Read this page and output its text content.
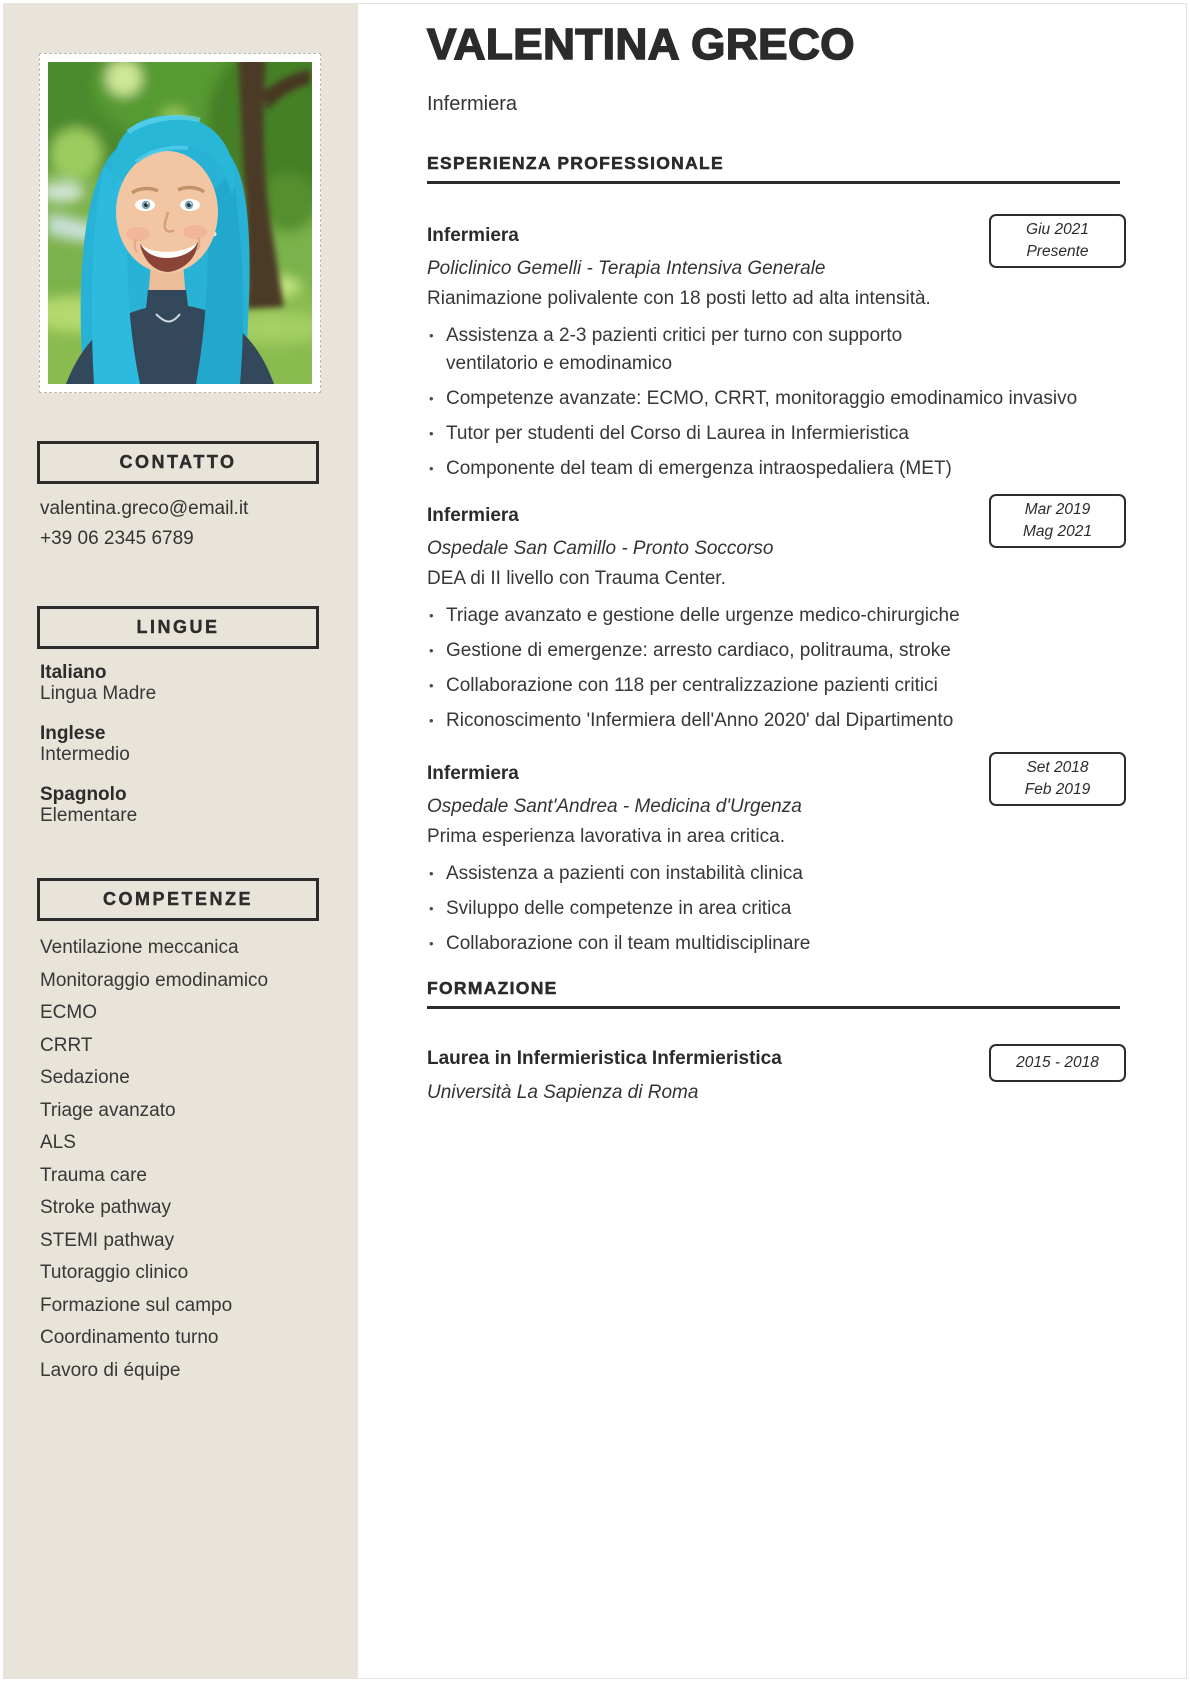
CONTATTO
valentina.greco@email.it
+39 06 2345 6789
LINGUE
Italiano
Lingua Madre
Inglese
Intermedio
Spagnolo
Elementare
COMPETENZE
Ventilazione meccanica
Monitoraggio emodinamico
ECMO
CRRT
Sedazione
Triage avanzato
ALS
Trauma care
Stroke pathway
STEMI pathway
Tutoraggio clinico
Formazione sul campo
Coordinamento turno
Lavoro di équipe
VALENTINA GRECO
Infermiera
ESPERIENZA PROFESSIONALE
Giu 2021
Presente
Infermiera
Policlinico Gemelli - Terapia Intensiva Generale
Rianimazione polivalente con 18 posti letto ad alta intensità.
• Assistenza a 2-3 pazienti critici per turno con supporto
ventilatorio e emodinamico
• Competenze avanzate: ECMO, CRRT, monitoraggio emodinamico invasivo
• Tutor per studenti del Corso di Laurea in Infermieristica
• Componente del team di emergenza intraospedaliera (MET)
Mar 2019
Mag 2021
Infermiera
Ospedale San Camillo - Pronto Soccorso
DEA di II livello con Trauma Center.
• Triage avanzato e gestione delle urgenze medico-chirurgiche
• Gestione di emergenze: arresto cardiaco, politrauma, stroke
• Collaborazione con 118 per centralizzazione pazienti critici
• Riconoscimento 'Infermiera dell'Anno 2020' dal Dipartimento
Set 2018
Feb 2019
Infermiera
Ospedale Sant'Andrea - Medicina d'Urgenza
Prima esperienza lavorativa in area critica.
• Assistenza a pazienti con instabilità clinica
• Sviluppo delle competenze in area critica
• Collaborazione con il team multidisciplinare
FORMAZIONE
2015 - 2018
Laurea in Infermieristica Infermieristica
Università La Sapienza di Roma
